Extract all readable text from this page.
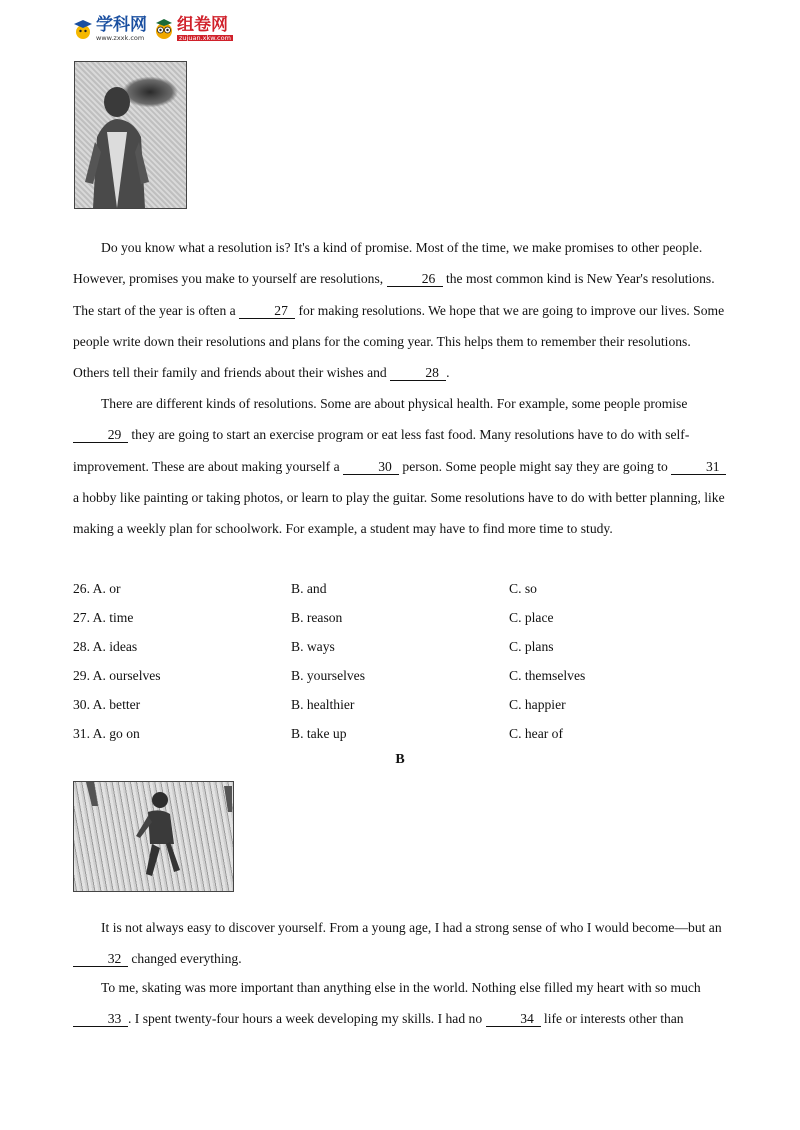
学科网
www.zxxk.com
组卷网
zujuan.xkw.com

Do you know what a resolution is? It's a kind of promise. Most of the time, we make promises to other people. However, promises you make to yourself are resolutions,	26 the most common kind is New Year's resolutions. The start of the year is often a	27 for making resolutions. We hope that we are going to improve our lives. Some people write down their resolutions and plans for the coming year. This helps them to remember their resolutions. Others tell their family and friends about their wishes and	28 .

There are different kinds of resolutions. Some are about physical health. For example, some people promise 29 they are going to start an exercise program or eat less fast food. Many resolutions have to do with self-improvement. These are about making yourself a	30 person. Some people might say they are going to	31 a hobby like painting or taking photos, or learn to play the guitar. Some resolutions have to do with better planning, like making a weekly plan for schoolwork. For example, a student may have to find more time to study.

26. A. or	B. and	C. so
27. A. time	B. reason	C. place
28. A. ideas	B. ways	C. plans
29. A. ourselves	B. yourselves	C. themselves
30. A. better	B. healthier	C. happier
31. A. go on	B. take up	C. hear of
B

It is not always easy to discover yourself. From a young age, I had a strong sense of who I would become—but an 32 changed everything.

To me, skating was more important than anything else in the world. Nothing else filled my heart with so much 33 . I spent twenty-four hours a week developing my skills. I had no	34 life or interests other than
